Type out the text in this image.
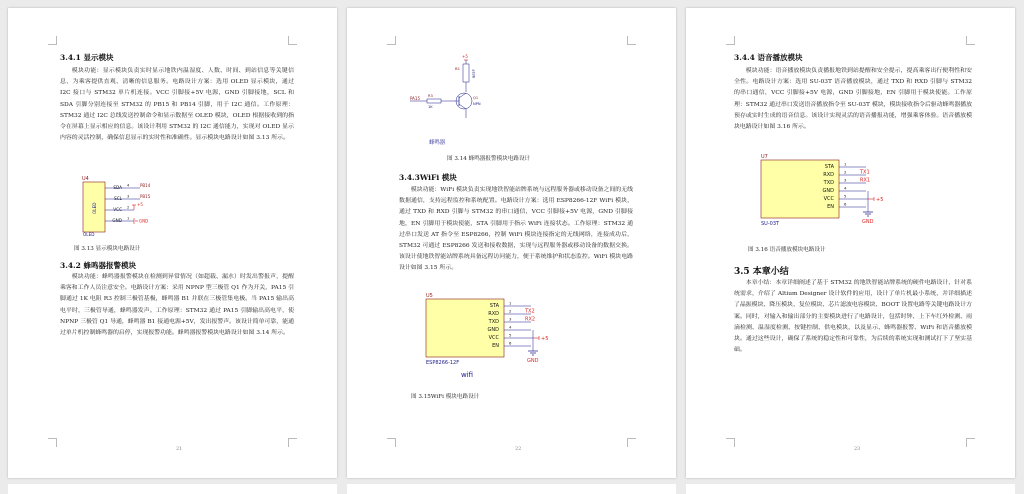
3.4.1 显示模块
模块功能：显示模块负责实时显示地铁内温湿度、人数、时间、到站信息等关键信息，为乘客提供直观、清晰的信息服务。电路设计方案：选用 OLED 显示模块，通过 I2C 接口与 STM32 单片机连接。VCC 引脚接+5V 电源，GND 引脚接地，SCL 和 SDA 引脚分别连接至 STM32 的 PB15 和 PB14 引脚，用于 I2C 通信。工作原理：STM32 通过 I2C 总线发送控制命令和显示数据至 OLED 模块，OLED 根据接收到的指令在屏幕上显示相应的信息。该设计利用 STM32 的 I2C 通信能力，实现对 OLED 显示内容的灵活控制，确保信息显示的实时性和准确性。显示模块电路设计如图 3.13 所示。
U4
OLED
SDA 4	PB14
SCL 3	PB15
VCC 2
+5
GND 1 GND
OLED
图 3.13 显示模块电路设计
3.4.2 蜂鸣器报警模块
模块功能：蜂鸣器报警模块在检测到异常情况（如超载、漏水）时发出警报声，提醒乘客和工作人员注意安全。电路设计方案：采用 NPNP 型三极管 Q1 作为开关，PA15 引脚通过 1K 电阻 R3 控制三极管基极，蜂鸣器 B1 并联在三极管集电极。当 PA15 输出高电平时，三极管导通，蜂鸣器发声。工作原理：STM32 通过 PA15 引脚输出高电平，使 NPNP 三极管 Q1 导通，蜂鸣器 B1 接通电源+5V，发出报警声。该设计简单可靠，能通过单片机控制蜂鸣器的启停，实现报警功能。蜂鸣器报警模块电路设计如图 3.14 所示。
21
+5
B1
BEEP
PA15 R3
1K
Q1
NPN
蜂鸣器
图 3.14 蜂鸣器报警模块电路设计
3.4.3WiFi 模块
模块功能：WiFi 模块负责实现地铁智能站牌系统与远程服务器或移动设备之间的无线数据通信，支持远程监控和系统配置。电路设计方案：选用 ESP8266-12F WiFi 模块，通过 TXD 和 RXD 引脚与 STM32 的串口通信，VCC 引脚接+5V 电源，GND 引脚接地，EN 引脚用于模块使能，STA 引脚用于指示 WiFi 连接状态。工作原理：STM32 通过串口发送 AT 指令至 ESP8266，控制 WiFi 模块连接指定的无线网络，连接成功后，STM32 可通过 ESP8266 发送和接收数据，实现与远程服务器或移动设备的数据交换。该设计使地铁智能站牌系统具备远程访问能力，便于系统维护和状态监控。WiFi 模块电路设计如图 3.15 所示。
U5
STA	1
RXD	2	TX2
TXD	3	RX2
GND	4
VCC	5
EN	6
+5
GND
ESP8266-12F
wifi
图 3.15WiFi 模块电路设计
22
3.4.4 语音播放模块
模块功能：语音播放模块负责播报地铁到站提醒和安全提示，提高乘客出行便利性和安全性。电路设计方案：选用 SU-03T 语音播放模块，通过 TXD 和 RXD 引脚与 STM32 的串口通信，VCC 引脚接+5V 电源，GND 引脚接地，EN 引脚用于模块使能。工作原理：STM32 通过串口发送语音播放指令至 SU-03T 模块，模块接收指令后驱动蜂鸣器播放预存或实时生成的语音信息。该设计实现灵活的语音播报功能，增强乘客体验。语音播放模块电路设计如图 3.16 所示。
U7
STA	1
RXD	2	TX1
TXD	3	RX1
GND	4
VCC	5
EN	6
+5
GND
SU-03T
图 3.16 语音播放模块电路设计
3.5 本章小结
本章小结：本章详细阐述了基于 STM32 的地铁智能站牌系统的硬件电路设计，针对系统需求，介绍了 Altium Designer 设计软件的应用，设计了单片机最小系统，并详细描述了晶振模块、降压模块、复位模块、芯片滤波电容模块、BOOT 设置电路等关键电路设计方案。同时，对输入和输出部分的主要模块进行了电路设计，包括时钟、上下车红外检测、雨滴检测、温湿度检测、按键控制、供电模块，以及显示、蜂鸣器报警、WiFi 和语音播放模块。通过这些设计，确保了系统的稳定性和可靠性，为后续的系统实现和测试打下了坚实基础。
23
